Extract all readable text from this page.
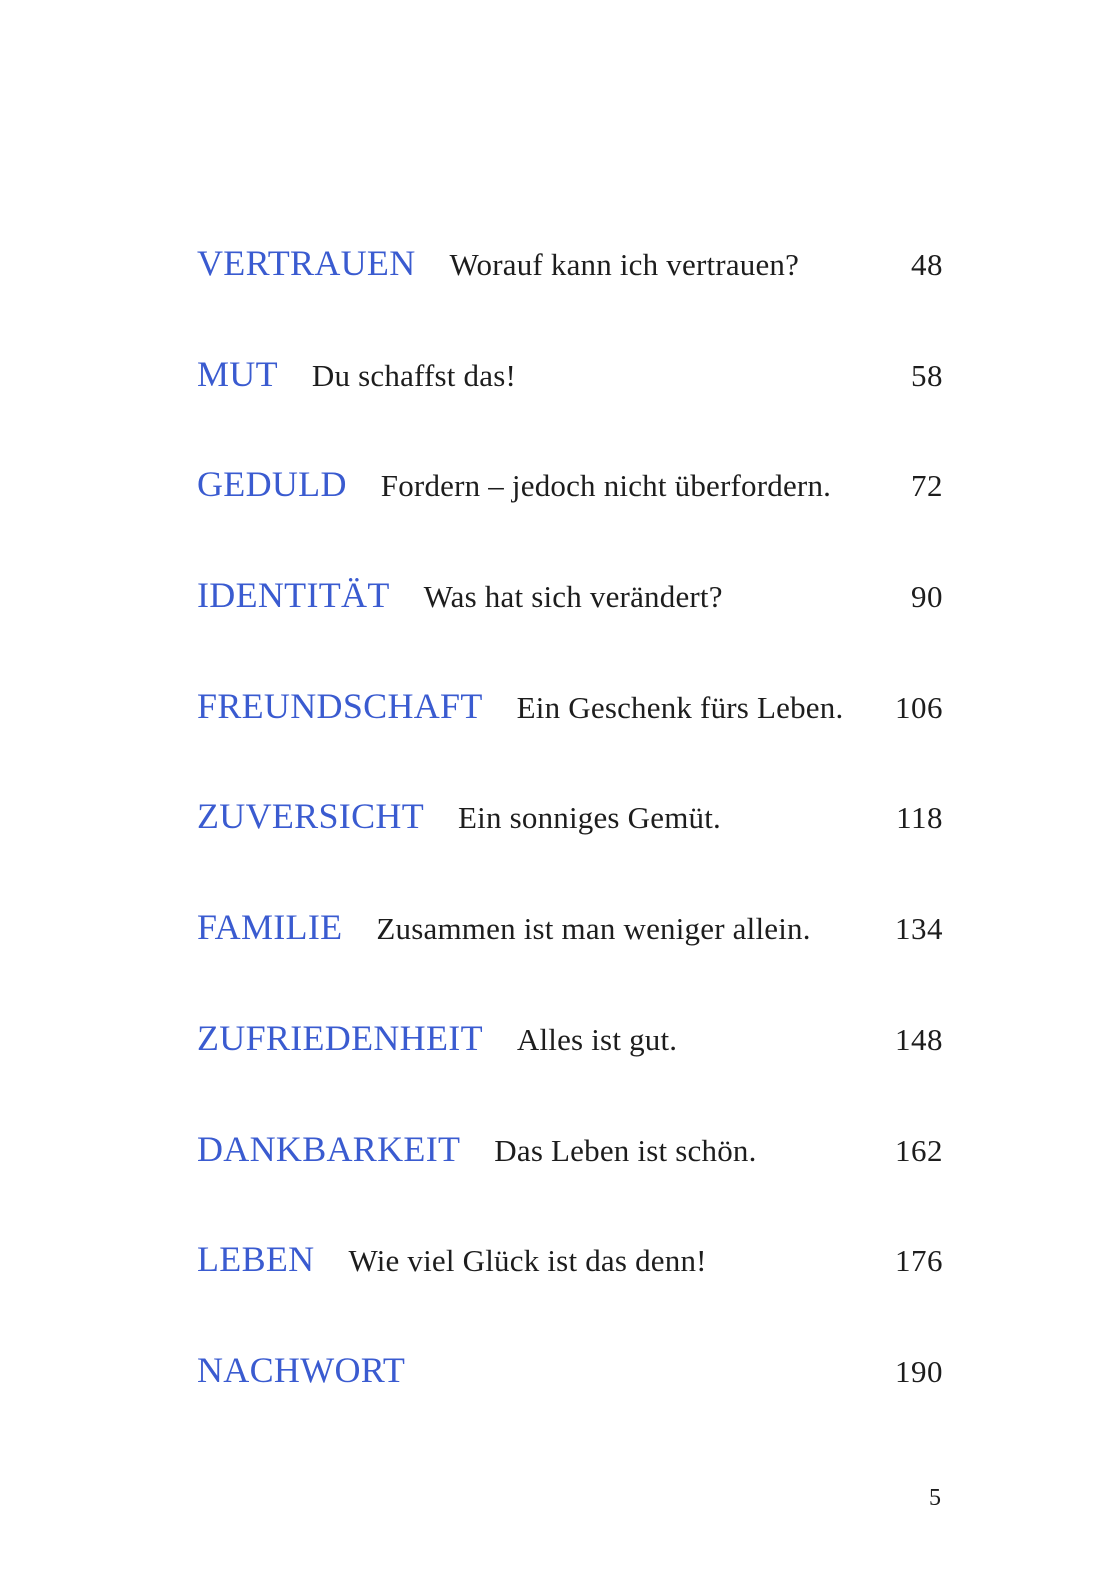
VERTRAUEN Worauf kann ich vertrauen?	48
MUT Du schaffst das!	58
GEDULD Fordern – jedoch nicht überfordern.	72
IDENTITÄT Was hat sich verändert?	90
FREUNDSCHAFT Ein Geschenk fürs Leben. 106
ZUVERSICHT Ein sonniges Gemüt.	118
FAMILIE Zusammen ist man weniger allein.	134
ZUFRIEDENHEIT Alles ist gut.	148
DANKBARKEIT Das Leben ist schön.	162
LEBEN Wie viel Glück ist das denn!	176
NACHWORT	190
5
